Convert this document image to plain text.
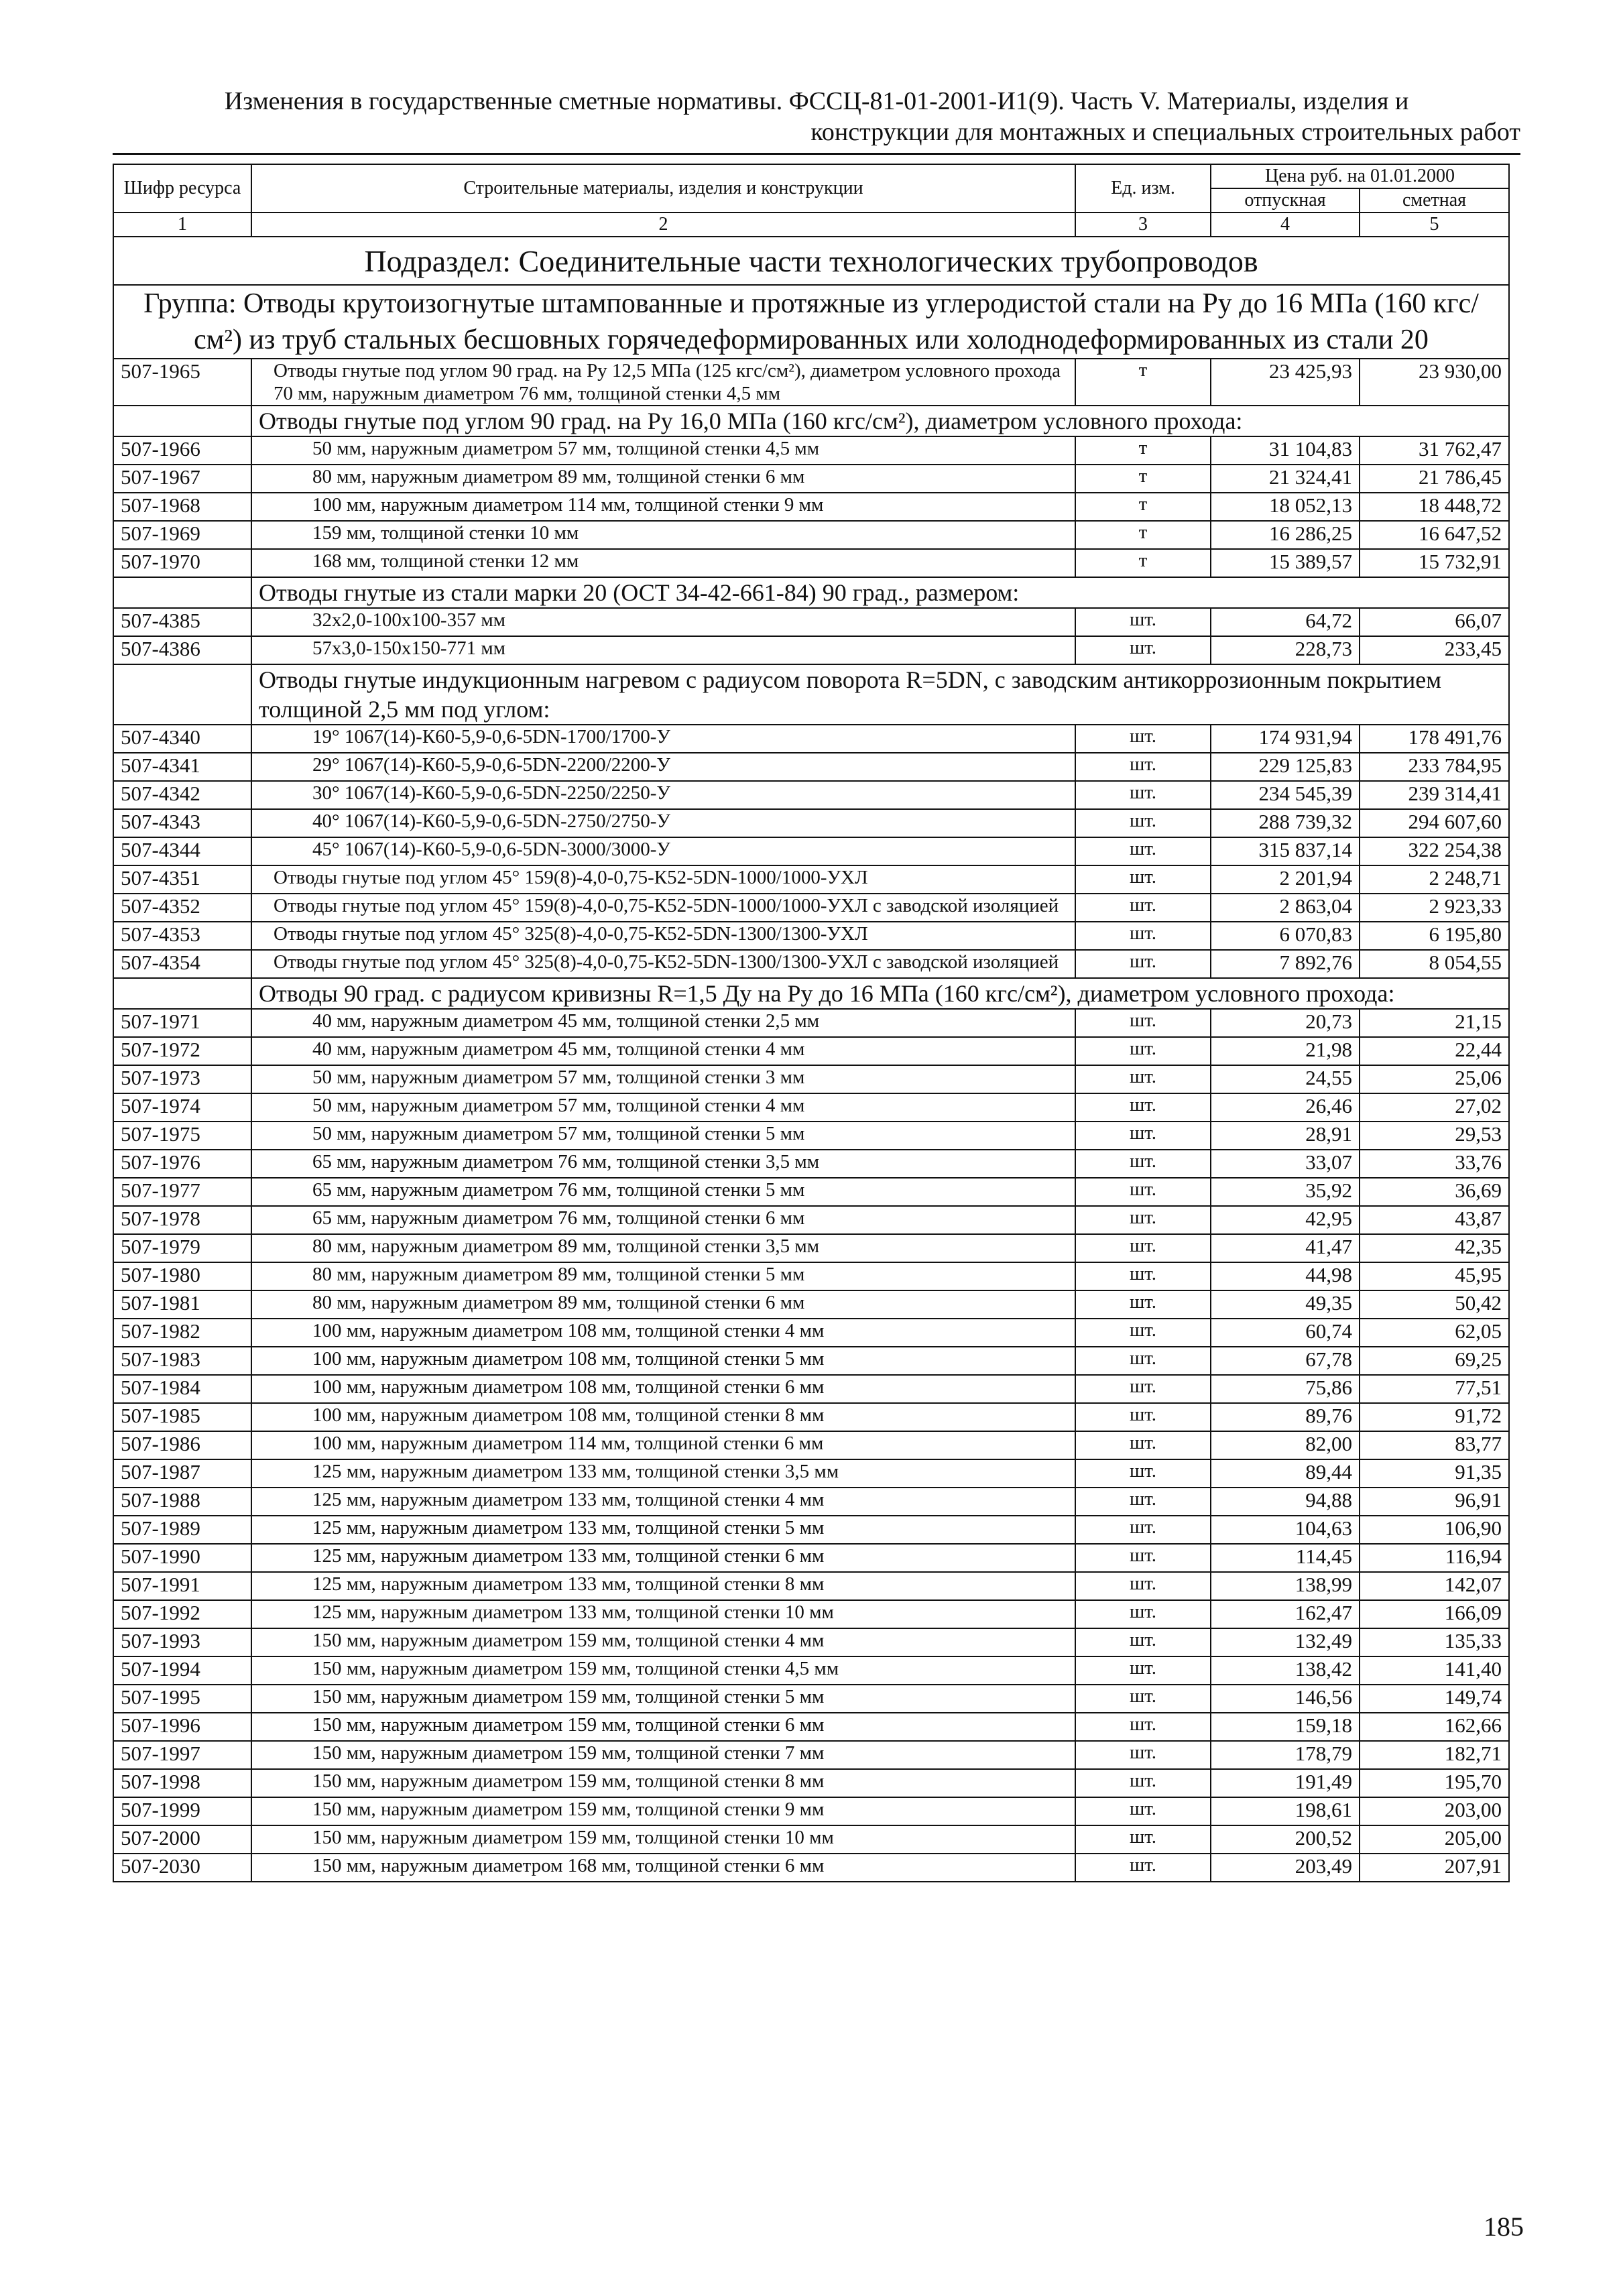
Изменения в государственные сметные нормативы. ФССЦ-81-01-2001-И1(9). Часть V. Материалы, изделия и
конструкции для монтажных и специальных строительных работ
Шифр ресурса	Строительные материалы, изделия и конструкции	Ед. изм.	Цена руб. на 01.01.2000	
			отпускная	сметная
1	2	3	4	5
Подраздел: Соединительные части технологических трубопроводов				
Группа: Отводы крутоизогнутые штампованные и протяжные из углеродистой стали на Ру до 16 МПа (160 кгс/см²) из труб стальных бесшовных горячедеформированных или холоднодеформированных из стали 20				
507-1965	Отводы гнутые под углом 90 град. на Ру 12,5 МПа (125 кгс/см²), диаметром условного прохода 70 мм, наружным диаметром 76 мм, толщиной стенки 4,5 мм	т	23 425,93	23 930,00
	Отводы гнутые под углом 90 град. на Ру 16,0 МПа (160 кгс/см²), диаметром условного прохода:			
507-1966	50 мм, наружным диаметром 57 мм, толщиной стенки 4,5 мм	т	31 104,83	31 762,47
507-1967	80 мм, наружным диаметром 89 мм, толщиной стенки 6 мм	т	21 324,41	21 786,45
507-1968	100 мм, наружным диаметром 114 мм, толщиной стенки 9 мм	т	18 052,13	18 448,72
507-1969	159 мм, толщиной стенки 10 мм	т	16 286,25	16 647,52
507-1970	168 мм, толщиной стенки 12 мм	т	15 389,57	15 732,91
	Отводы гнутые из стали марки 20 (ОСТ 34-42-661-84) 90 град., размером:			
507-4385	32х2,0-100х100-357 мм	шт.	64,72	66,07
507-4386	57х3,0-150х150-771 мм	шт.	228,73	233,45
	Отводы гнутые индукционным нагревом с радиусом поворота R=5DN, с заводским антикоррозионным покрытием толщиной 2,5 мм под углом:			
507-4340	19° 1067(14)-К60-5,9-0,6-5DN-1700/1700-У	шт.	174 931,94	178 491,76
507-4341	29° 1067(14)-К60-5,9-0,6-5DN-2200/2200-У	шт.	229 125,83	233 784,95
507-4342	30° 1067(14)-К60-5,9-0,6-5DN-2250/2250-У	шт.	234 545,39	239 314,41
507-4343	40° 1067(14)-К60-5,9-0,6-5DN-2750/2750-У	шт.	288 739,32	294 607,60
507-4344	45° 1067(14)-К60-5,9-0,6-5DN-3000/3000-У	шт.	315 837,14	322 254,38
507-4351	Отводы гнутые под углом 45° 159(8)-4,0-0,75-К52-5DN-1000/1000-УХЛ	шт.	2 201,94	2 248,71
507-4352	Отводы гнутые под углом 45° 159(8)-4,0-0,75-К52-5DN-1000/1000-УХЛ с заводской изоляцией	шт.	2 863,04	2 923,33
507-4353	Отводы гнутые под углом 45° 325(8)-4,0-0,75-К52-5DN-1300/1300-УХЛ	шт.	6 070,83	6 195,80
507-4354	Отводы гнутые под углом 45° 325(8)-4,0-0,75-К52-5DN-1300/1300-УХЛ с заводской изоляцией	шт.	7 892,76	8 054,55
	Отводы 90 град. с радиусом кривизны R=1,5 Ду на Ру до 16 МПа (160 кгс/см²), диаметром условного прохода:			
507-1971	40 мм, наружным диаметром 45 мм, толщиной стенки 2,5 мм	шт.	20,73	21,15
507-1972	40 мм, наружным диаметром 45 мм, толщиной стенки 4 мм	шт.	21,98	22,44
507-1973	50 мм, наружным диаметром 57 мм, толщиной стенки 3 мм	шт.	24,55	25,06
507-1974	50 мм, наружным диаметром 57 мм, толщиной стенки 4 мм	шт.	26,46	27,02
507-1975	50 мм, наружным диаметром 57 мм, толщиной стенки 5 мм	шт.	28,91	29,53
507-1976	65 мм, наружным диаметром 76 мм, толщиной стенки 3,5 мм	шт.	33,07	33,76
507-1977	65 мм, наружным диаметром 76 мм, толщиной стенки 5 мм	шт.	35,92	36,69
507-1978	65 мм, наружным диаметром 76 мм, толщиной стенки 6 мм	шт.	42,95	43,87
507-1979	80 мм, наружным диаметром 89 мм, толщиной стенки 3,5 мм	шт.	41,47	42,35
507-1980	80 мм, наружным диаметром 89 мм, толщиной стенки 5 мм	шт.	44,98	45,95
507-1981	80 мм, наружным диаметром 89 мм, толщиной стенки 6 мм	шт.	49,35	50,42
507-1982	100 мм, наружным диаметром 108 мм, толщиной стенки 4 мм	шт.	60,74	62,05
507-1983	100 мм, наружным диаметром 108 мм, толщиной стенки 5 мм	шт.	67,78	69,25
507-1984	100 мм, наружным диаметром 108 мм, толщиной стенки 6 мм	шт.	75,86	77,51
507-1985	100 мм, наружным диаметром 108 мм, толщиной стенки 8 мм	шт.	89,76	91,72
507-1986	100 мм, наружным диаметром 114 мм, толщиной стенки 6 мм	шт.	82,00	83,77
507-1987	125 мм, наружным диаметром 133 мм, толщиной стенки 3,5 мм	шт.	89,44	91,35
507-1988	125 мм, наружным диаметром 133 мм, толщиной стенки 4 мм	шт.	94,88	96,91
507-1989	125 мм, наружным диаметром 133 мм, толщиной стенки 5 мм	шт.	104,63	106,90
507-1990	125 мм, наружным диаметром 133 мм, толщиной стенки 6 мм	шт.	114,45	116,94
507-1991	125 мм, наружным диаметром 133 мм, толщиной стенки 8 мм	шт.	138,99	142,07
507-1992	125 мм, наружным диаметром 133 мм, толщиной стенки 10 мм	шт.	162,47	166,09
507-1993	150 мм, наружным диаметром 159 мм, толщиной стенки 4 мм	шт.	132,49	135,33
507-1994	150 мм, наружным диаметром 159 мм, толщиной стенки 4,5 мм	шт.	138,42	141,40
507-1995	150 мм, наружным диаметром 159 мм, толщиной стенки 5 мм	шт.	146,56	149,74
507-1996	150 мм, наружным диаметром 159 мм, толщиной стенки 6 мм	шт.	159,18	162,66
507-1997	150 мм, наружным диаметром 159 мм, толщиной стенки 7 мм	шт.	178,79	182,71
507-1998	150 мм, наружным диаметром 159 мм, толщиной стенки 8 мм	шт.	191,49	195,70
507-1999	150 мм, наружным диаметром 159 мм, толщиной стенки 9 мм	шт.	198,61	203,00
507-2000	150 мм, наружным диаметром 159 мм, толщиной стенки 10 мм	шт.	200,52	205,00
507-2030	150 мм, наружным диаметром 168 мм, толщиной стенки 6 мм	шт.	203,49	207,91
185
